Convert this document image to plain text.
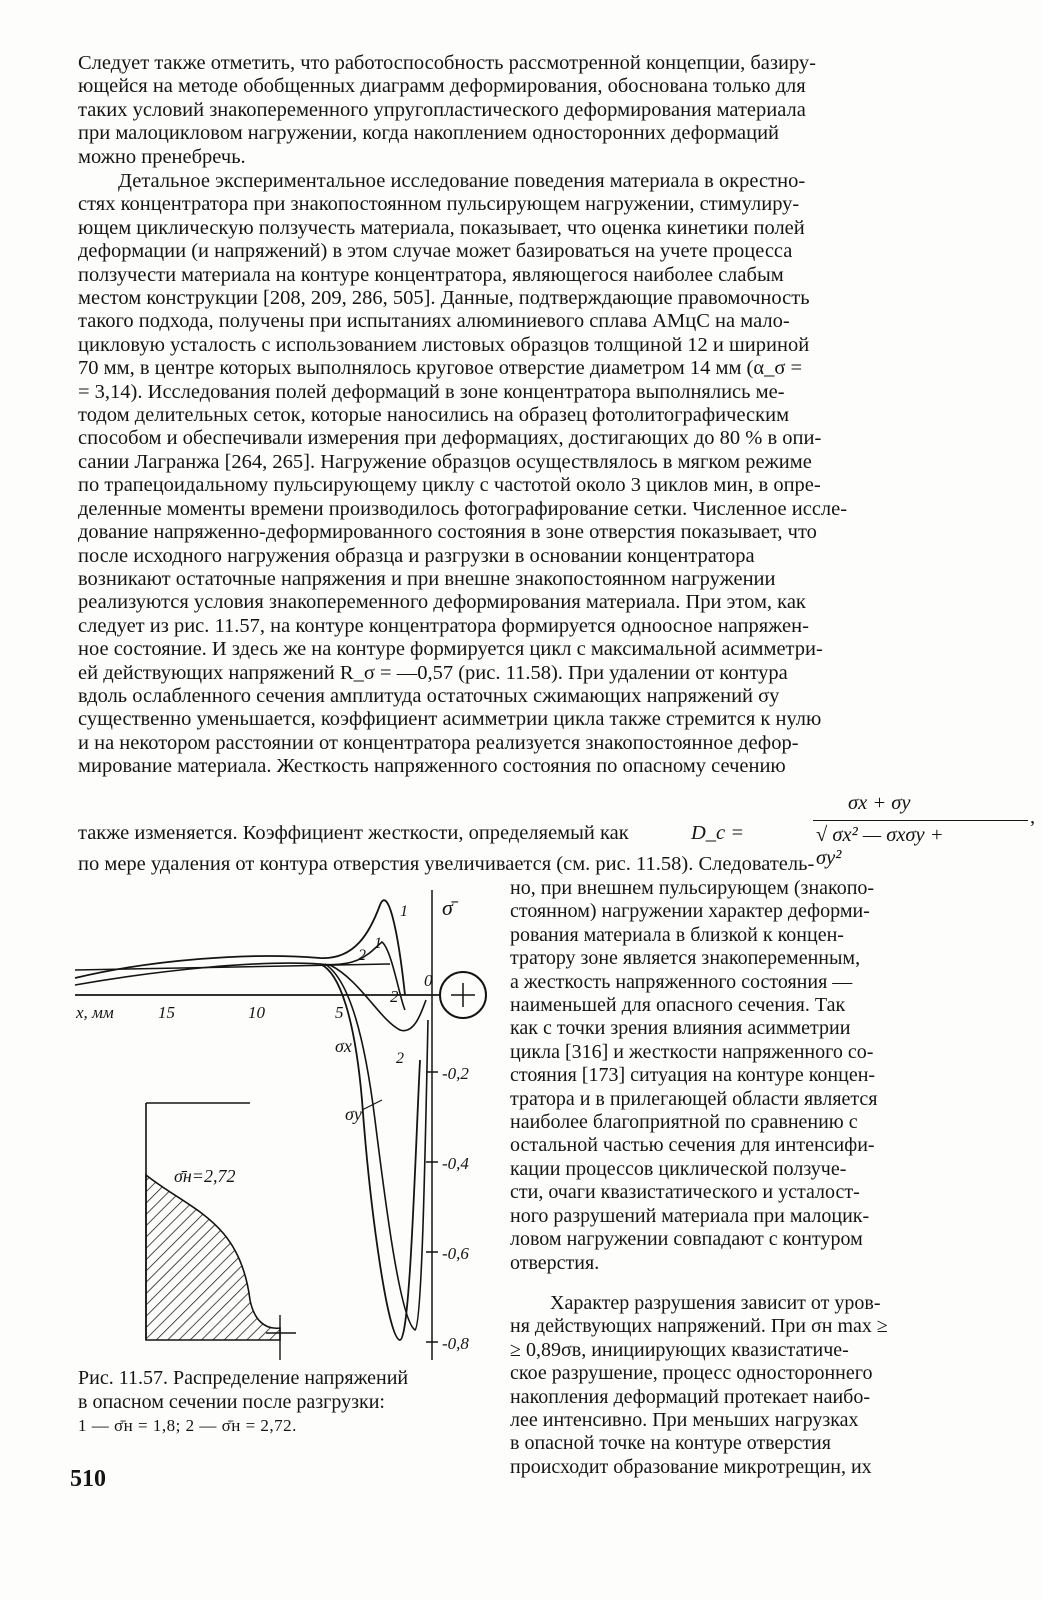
Следует также отметить, что работоспособность рассмотренной концепции, базиру-
ющейся на методе обобщенных диаграмм деформирования, обоснована только для
таких условий знакопеременного упругопластического деформирования материала
при малоцикловом нагружении, когда накоплением односторонних деформаций
можно пренебречь.
Детальное экспериментальное исследование поведения материала в окрестно-
стях концентратора при знакопостоянном пульсирующем нагружении, стимулиру-
ющем циклическую ползучесть материала, показывает, что оценка кинетики полей
деформации (и напряжений) в этом случае может базироваться на учете процесса
ползучести материала на контуре концентратора, являющегося наиболее слабым
местом конструкции [208, 209, 286, 505]. Данные, подтверждающие правомочность
такого подхода, получены при испытаниях алюминиевого сплава АМцС на мало-
цикловую усталость с использованием листовых образцов толщиной 12 и шириной
70 мм, в центре которых выполнялось круговое отверстие диаметром 14 мм (α_σ =
= 3,14). Исследования полей деформаций в зоне концентратора выполнялись ме-
тодом делительных сеток, которые наносились на образец фотолитографическим
способом и обеспечивали измерения при деформациях, достигающих до 80 % в опи-
сании Лагранжа [264, 265]. Нагружение образцов осуществлялось в мягком режиме
по трапецоидальному пульсирующему циклу с частотой около 3 циклов мин, в опре-
деленные моменты времени производилось фотографирование сетки. Численное иссле-
дование напряженно-деформированного состояния в зоне отверстия показывает, что
после исходного нагружения образца и разгрузки в основании концентратора
возникают остаточные напряжения и при внешне знакопостоянном нагружении
реализуются условия знакопеременного деформирования материала. При этом, как
следует из рис. 11.57, на контуре концентратора формируется одноосное напряжен-
ное состояние. И здесь же на контуре формируется цикл с максимальной асимметри-
ей действующих напряжений R_σ = —0,57 (рис. 11.58). При удалении от контура
вдоль ослабленного сечения амплитуда остаточных сжимающих напряжений σy
существенно уменьшается, коэффициент асимметрии цикла также стремится к нулю
и на некотором расстоянии от концентратора реализуется знакопостоянное дефор-
мирование материала. Жесткость напряженного состояния по опасному сечению
также изменяется. Коэффициент жесткости, определяемый как	D_c =
σx + σy
√ σx² — σxσy + σy²
,
по мере удаления от контура отверстия увеличивается (см. рис. 11.58). Следователь-
но, при внешнем пульсирующем (знакопо-
стоянном) нагружении характер деформи-
рования материала в близкой к концен-
тратору зоне является знакопеременным,
а жесткость напряженного состояния —
наименьшей для опасного сечения. Так
как с точки зрения влияния асимметрии
цикла [316] и жесткости напряженного со-
стояния [173] ситуация на контуре концен-
тратора и в прилегающей области является
наиболее благоприятной по сравнению с
остальной частью сечения для интенсифи-
кации процессов циклической ползуче-
сти, очаги квазистатического и усталост-
ного разрушений материала при малоцик-
ловом нагружении совпадают с контуром
отверстия.
Характер разрушения зависит от уров-
ня действующих напряжений. При σн max ≥
≥ 0,89σв, инициирующих квазистатиче-
ское разрушение, процесс одностороннего
накопления деформаций протекает наибо-
лее интенсивно. При меньших нагрузках
в опасной точке на контуре отверстия
происходит образование микротрещин, их
x, мм
σ̄
15	10	5
2
0
-0,2
-0,4
-0,6
-0,8
1
1
2
2
σx
σy
σ̄н=2,72
Рис. 11.57. Распределение напряжений
в опасном сечении после разгрузки:
1 — σ̄н = 1,8; 2 — σ̄н = 2,72.
510
